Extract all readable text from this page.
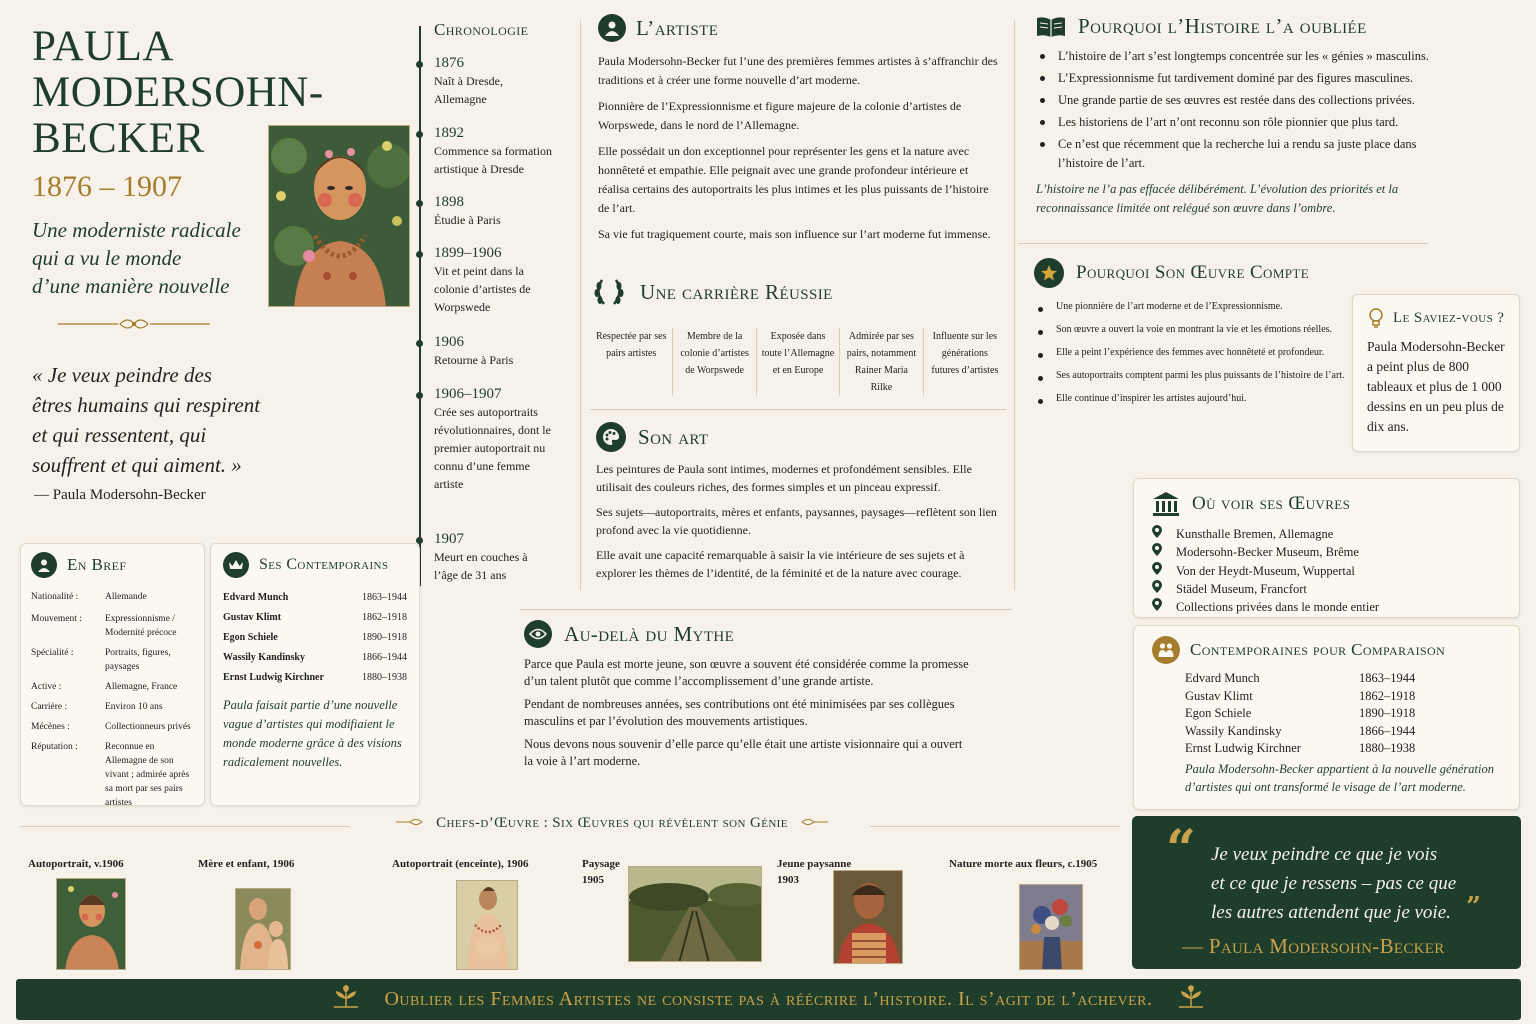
PAULA
MODERSOHN-
BECKER
1876 – 1907
Une moderniste radicale
qui a vu le monde
d’une manière nouvelle
« Je veux peindre des
êtres humains qui respirent
et qui ressentent, qui
souffrent et qui aiment. »
— Paula Modersohn-Becker
Chronologie
1876
Naît à Dresde, Allemagne
1892
Commence sa formation artistique à Dresde
1898
Étudie à Paris
1899–1906
Vit et peint dans la colonie d’artistes de Worpswede
1906
Retourne à Paris
1906–1907
Crée ses autoportraits révolutionnaires, dont le premier autoportrait nu connu d’une femme artiste
1907
Meurt en couches à l’âge de 31 ans
L’artiste

Paula Modersohn-Becker fut l’une des premières femmes artistes à s’affranchir des traditions et à créer une forme nouvelle d’art moderne.

Pionnière de l’Expressionnisme et figure majeure de la colonie d’artistes de Worpswede, dans le nord de l’Allemagne.

Elle possédait un don exceptionnel pour représenter les gens et la nature avec honnêteté et empathie. Elle peignait avec une grande profondeur intérieure et réalisa certains des autoportraits les plus intimes et les plus puissants de l’histoire de l’art.

Sa vie fut tragiquement courte, mais son influence sur l’art moderne fut immense.

Une carrière Réussie
Respectée par ses pairs artistes
Membre de la colonie d’artistes de Worpswede
Exposée dans toute l’Allemagne et en Europe
Admirée par ses pairs, notamment Rainer Maria Rilke
Influente sur les générations futures d’artistes
Son art

Les peintures de Paula sont intimes, modernes et profondément sensibles. Elle utilisait des couleurs riches, des formes simples et un pinceau expressif.

Ses sujets—autoportraits, mères et enfants, paysannes, paysages—reflètent son lien profond avec la vie quotidienne.

Elle avait une capacité remarquable à saisir la vie intérieure de ses sujets et à explorer les thèmes de l’identité, de la féminité et de la nature avec courage.

Pourquoi l’Histoire l’a oubliée
L’histoire de l’art s’est longtemps concentrée sur les « génies » masculins.
L’Expressionnisme fut tardivement dominé par des figures masculines.
Une grande partie de ses œuvres est restée dans des collections privées.
Les historiens de l’art n’ont reconnu son rôle pionnier que plus tard.
Ce n’est que récemment que la recherche lui a rendu sa juste place dans l’histoire de l’art.

L’histoire ne l’a pas effacée délibérément. L’évolution des priorités et la reconnaissance limitée ont relégué son œuvre dans l’ombre.

Pourquoi Son Œuvre Compte
Une pionnière de l’art moderne et de l’Expressionnisme.
Son œuvre a ouvert la voie en montrant la vie et les émotions réelles.
Elle a peint l’expérience des femmes avec honnêteté et profondeur.
Ses autoportraits comptent parmi les plus puissants de l’histoire de l’art.
Elle continue d’inspirer les artistes aujourd’hui.
Le Saviez-vous ?

Paula Modersohn-Becker a peint plus de 800 tableaux et plus de 1 000 dessins en un peu plus de dix ans.

Où voir ses Œuvres
Kunsthalle Bremen, Allemagne
Modersohn-Becker Museum, Brême
Von der Heydt-Museum, Wuppertal
Städel Museum, Francfort
Collections privées dans le monde entier
Contemporaines pour Comparaison
Edvard Munch	1863–1944
Gustav Klimt	1862–1918
Egon Schiele	1890–1918
Wassily Kandinsky	1866–1944
Ernst Ludwig Kirchner	1880–1938

Paula Modersohn-Becker appartient à la nouvelle génération d’artistes qui ont transformé le visage de l’art moderne.

En Bref
Nationalité :	Allemande
Mouvement :	Expressionnisme / Modernité précoce
Spécialité :	Portraits, figures, paysages
Active :	Allemagne, France
Carrière :	Environ 10 ans
Mécènes :	Collectionneurs privés
Réputation :	Reconnue en Allemagne de son vivant ; admirée après sa mort par ses pairs artistes
Ses Contemporains
Edvard Munch	1863–1944
Gustav Klimt	1862–1918
Egon Schiele	1890–1918
Wassily Kandinsky	1866–1944
Ernst Ludwig Kirchner	1880–1938

Paula faisait partie d’une nouvelle vague d’artistes qui modifiaient le monde moderne grâce à des visions radicalement nouvelles.

Au-delà du Mythe

Parce que Paula est morte jeune, son œuvre a souvent été considérée comme la promesse d’un talent plutôt que comme l’accomplissement d’une grande artiste.

Pendant de nombreuses années, ses contributions ont été minimisées par ses collègues masculins et par l’évolution des mouvements artistiques.

Nous devons nous souvenir d’elle parce qu’elle était une artiste visionnaire qui a ouvert la voie à l’art moderne.

Chefs-d’Œuvre : Six Œuvres qui révèlent son Génie
Autoportrait, v.1906	Mère et enfant, 1906	Autoportrait (enceinte), 1906	Paysage
1905
Jeune paysanne
1903
Nature morte aux fleurs, c.1905 “ Je veux peindre ce que je vois
et ce que je ressens – pas ce que
les autres attendent que je voie. ”
— Paula Modersohn-Becker
Oublier les Femmes Artistes ne consiste pas à réécrire l’histoire. Il s’agit de l’achever.
